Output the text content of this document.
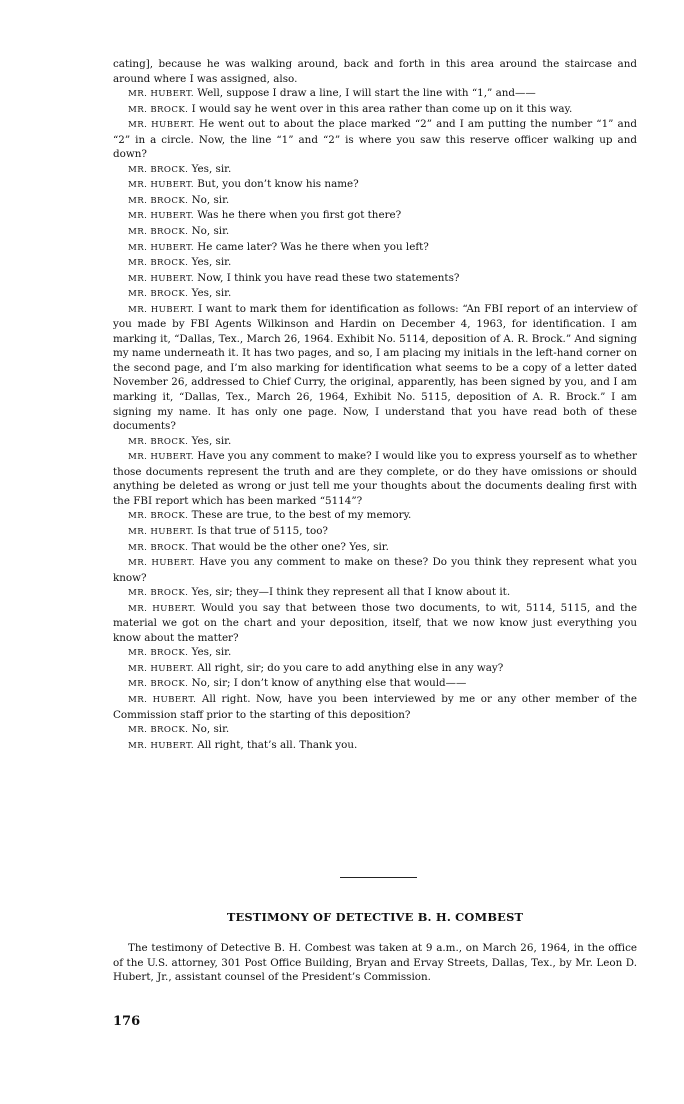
cating], because he was walking around, back and forth in this area around the staircase and around where I was assigned, also.

MR. HUBERT. Well, suppose I draw a line, I will start the line with “1,” and——

MR. BROCK. I would say he went over in this area rather than come up on it this way.

MR. HUBERT. He went out to about the place marked “2” and I am putting the number “1” and “2” in a circle. Now, the line “1” and “2” is where you saw this reserve officer walking up and down?

MR. BROCK. Yes, sir.

MR. HUBERT. But, you don’t know his name?

MR. BROCK. No, sir.

MR. HUBERT. Was he there when you first got there?

MR. BROCK. No, sir.

MR. HUBERT. He came later? Was he there when you left?

MR. BROCK. Yes, sir.

MR. HUBERT. Now, I think you have read these two statements?

MR. BROCK. Yes, sir.

MR. HUBERT. I want to mark them for identification as follows: “An FBI report of an interview of you made by FBI Agents Wilkinson and Hardin on December 4, 1963, for identification. I am marking it, “Dallas, Tex., March 26, 1964. Exhibit No. 5114, deposition of A. R. Brock.” And signing my name underneath it. It has two pages, and so, I am placing my initials in the left-hand corner on the second page, and I’m also marking for identification what seems to be a copy of a letter dated November 26, addressed to Chief Curry, the original, apparently, has been signed by you, and I am marking it, “Dallas, Tex., March 26, 1964, Exhibit No. 5115, deposition of A. R. Brock.” I am signing my name. It has only one page. Now, I understand that you have read both of these documents?

MR. BROCK. Yes, sir.

MR. HUBERT. Have you any comment to make? I would like you to express yourself as to whether those documents represent the truth and are they complete, or do they have omissions or should anything be deleted as wrong or just tell me your thoughts about the documents dealing first with the FBI report which has been marked “5114”?

MR. BROCK. These are true, to the best of my memory.

MR. HUBERT. Is that true of 5115, too?

MR. BROCK. That would be the other one? Yes, sir.

MR. HUBERT. Have you any comment to make on these? Do you think they represent what you know?

MR. BROCK. Yes, sir; they—I think they represent all that I know about it.

MR. HUBERT. Would you say that between those two documents, to wit, 5114, 5115, and the material we got on the chart and your deposition, itself, that we now know just everything you know about the matter?

MR. BROCK. Yes, sir.

MR. HUBERT. All right, sir; do you care to add anything else in any way?

MR. BROCK. No, sir; I don’t know of anything else that would——

MR. HUBERT. All right. Now, have you been interviewed by me or any other member of the Commission staff prior to the starting of this deposition?

MR. BROCK. No, sir.

MR. HUBERT. All right, that’s all. Thank you.

TESTIMONY OF DETECTIVE B. H. COMBEST

The testimony of Detective B. H. Combest was taken at 9 a.m., on March 26, 1964, in the office of the U.S. attorney, 301 Post Office Building, Bryan and Ervay Streets, Dallas, Tex., by Mr. Leon D. Hubert, Jr., assistant counsel of the President’s Commission.

176
